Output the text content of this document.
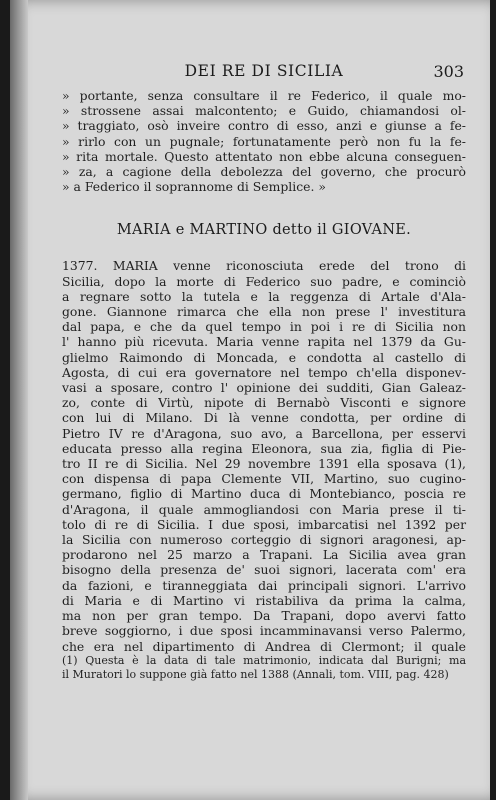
DEI RE DI SICILIA	303
» portante, senza consultare il re Federico, il quale mo-
» strossene assai malcontento; e Guido, chiamandosi ol-
» traggiato, osò inveire contro di esso, anzi e giunse a fe-
» rirlo con un pugnale; fortunatamente però non fu la fe-
» rita mortale. Questo attentato non ebbe alcuna conseguen-
» za, a cagione della debolezza del governo, che procurò
» a Federico il soprannome di Semplice. »
MARIA e MARTINO detto il GIOVANE.
1377. MARIA venne riconosciuta erede del trono di
Sicilia, dopo la morte di Federico suo padre, e cominciò
a regnare sotto la tutela e la reggenza di Artale d'Ala-
gone. Giannone rimarca che ella non prese l' investitura
dal papa, e che da quel tempo in poi i re di Sicilia non
l' hanno più ricevuta. Maria venne rapita nel 1379 da Gu-
glielmo Raimondo di Moncada, e condotta al castello di
Agosta, di cui era governatore nel tempo ch'ella disponev-
vasi a sposare, contro l' opinione dei sudditi, Gian Galeaz-
zo, conte di Virtù, nipote di Bernabò Visconti e signore
con lui di Milano. Di là venne condotta, per ordine di
Pietro IV re d'Aragona, suo avo, a Barcellona, per esservi
educata presso alla regina Eleonora, sua zia, figlia di Pie-
tro II re di Sicilia. Nel 29 novembre 1391 ella sposava (1),
con dispensa di papa Clemente VII, Martino, suo cugino-
germano, figlio di Martino duca di Montebianco, poscia re
d'Aragona, il quale ammogliandosi con Maria prese il ti-
tolo di re di Sicilia. I due sposi, imbarcatisi nel 1392 per
la Sicilia con numeroso corteggio di signori aragonesi, ap-
prodarono nel 25 marzo a Trapani. La Sicilia avea gran
bisogno della presenza de' suoi signori, lacerata com' era
da fazioni, e tiranneggiata dai principali signori. L'arrivo
di Maria e di Martino vi ristabiliva da prima la calma,
ma non per gran tempo. Da Trapani, dopo avervi fatto
breve soggiorno, i due sposi incamminavansi verso Palermo,
che era nel dipartimento di Andrea di Clermont; il quale
(1) Questa è la data di tale matrimonio, indicata dal Burigni; ma
il Muratori lo suppone già fatto nel 1388 (Annali, tom. VIII, pag. 428)
